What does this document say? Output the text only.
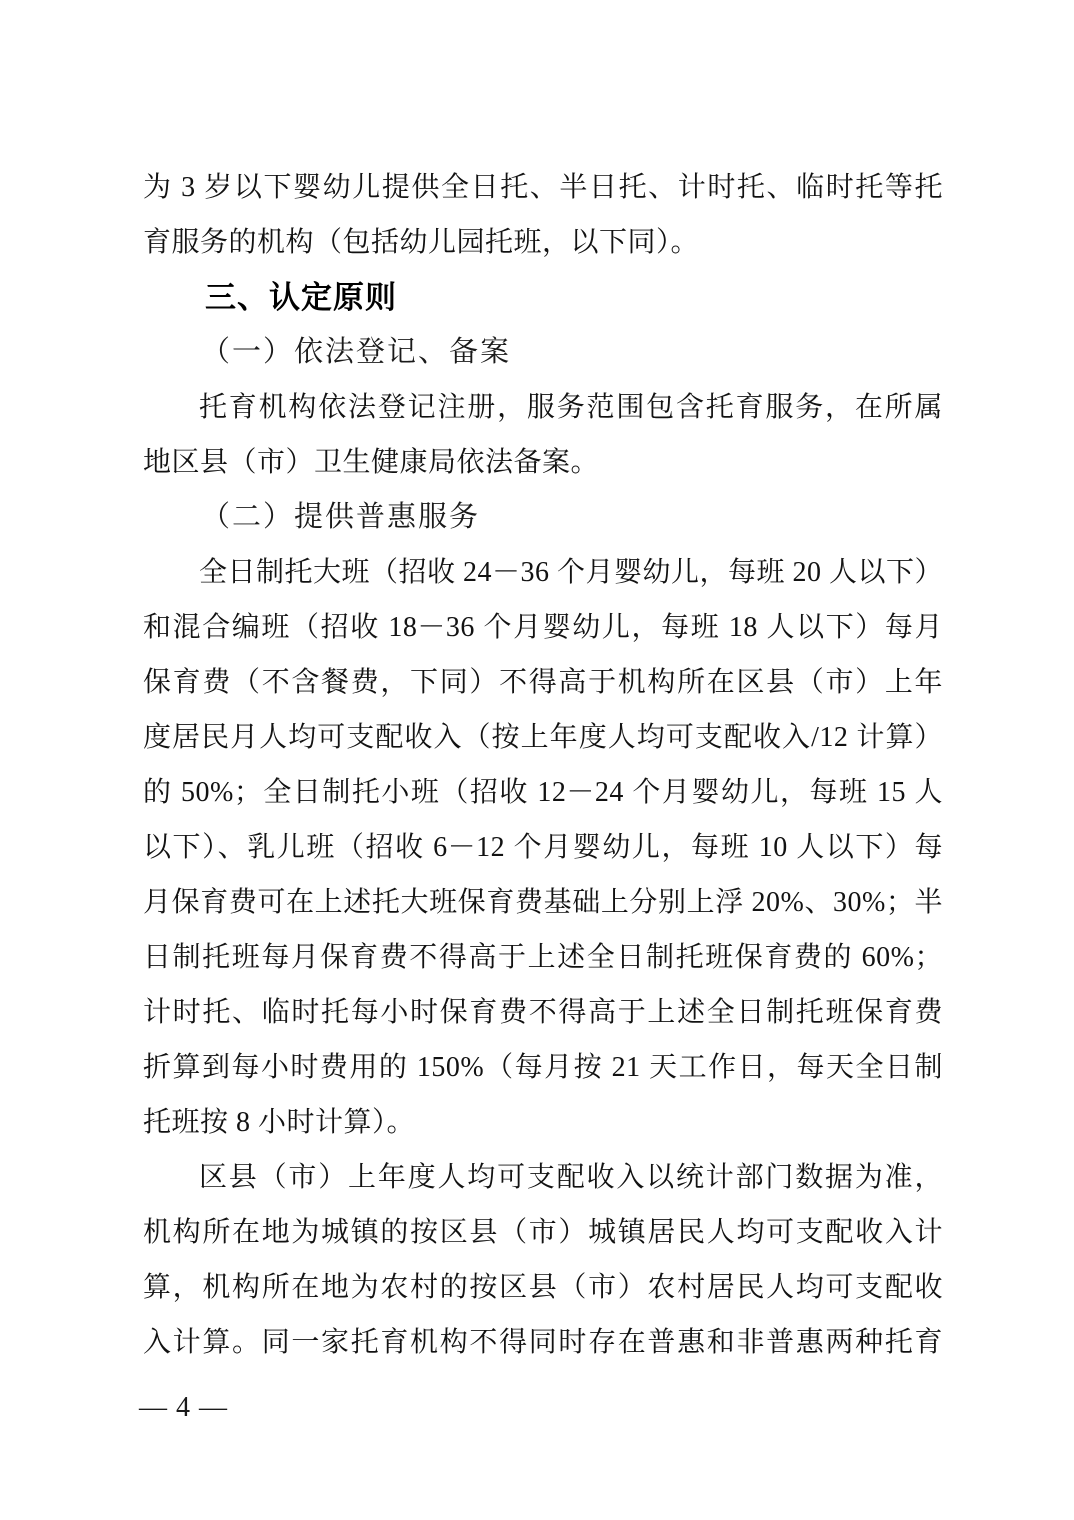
为 3 岁以下婴幼儿提供全日托、半日托、计时托、临时托等托
育服务的机构（包括幼儿园托班，以下同）。
三、认定原则
（一）依法登记、备案
托育机构依法登记注册，服务范围包含托育服务，在所属
地区县（市）卫生健康局依法备案。
（二）提供普惠服务
全日制托大班（招收 24－36 个月婴幼儿，每班 20 人以下）
和混合编班（招收 18－36 个月婴幼儿，每班 18 人以下）每月
保育费（不含餐费，下同）不得高于机构所在区县（市）上年
度居民月人均可支配收入（按上年度人均可支配收入/12 计算）
的 50%；全日制托小班（招收 12－24 个月婴幼儿，每班 15 人
以下）、乳儿班（招收 6－12 个月婴幼儿，每班 10 人以下）每
月保育费可在上述托大班保育费基础上分别上浮 20%、30%；半
日制托班每月保育费不得高于上述全日制托班保育费的 60%；
计时托、临时托每小时保育费不得高于上述全日制托班保育费
折算到每小时费用的 150%（每月按 21 天工作日，每天全日制
托班按 8 小时计算）。
区县（市）上年度人均可支配收入以统计部门数据为准，
机构所在地为城镇的按区县（市）城镇居民人均可支配收入计
算，机构所在地为农村的按区县（市）农村居民人均可支配收
入计算。同一家托育机构不得同时存在普惠和非普惠两种托育
— 4 —
